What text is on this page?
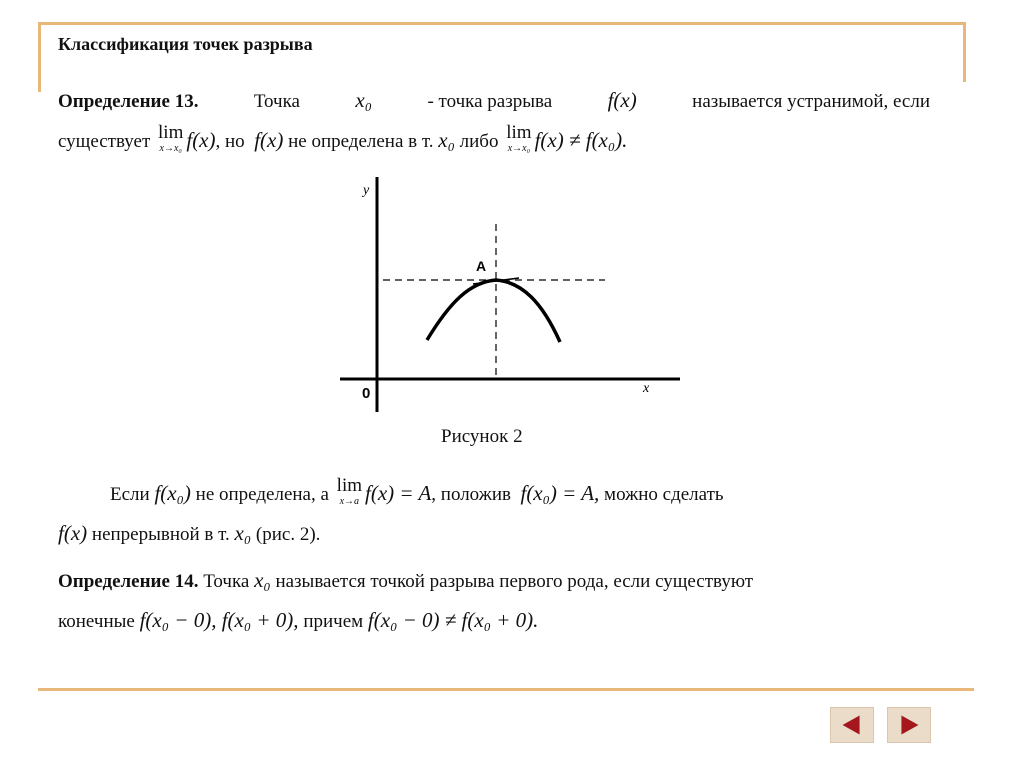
Классификация точек разрыва
Определение 13.	Точка	x₀	- точка разрыва	f(x)	называется устранимой, если
существует lim
x→x₀ f(x), но f(x) не определена в т. x₀ либо lim
x→x₀ f(x) ≠ f(x₀).
y
x
0
A
Рисунок 2
Если f(x₀) не определена, а lim
x→a f(x) = A, положив f(x₀) = A, можно сделать
f(x) непрерывной в т. x₀ (рис. 2).
Определение 14. Точка x₀ называется точкой разрыва первого рода, если существуют
конечные f(x₀ − 0), f(x₀ + 0), причем f(x₀ − 0) ≠ f(x₀ + 0).
